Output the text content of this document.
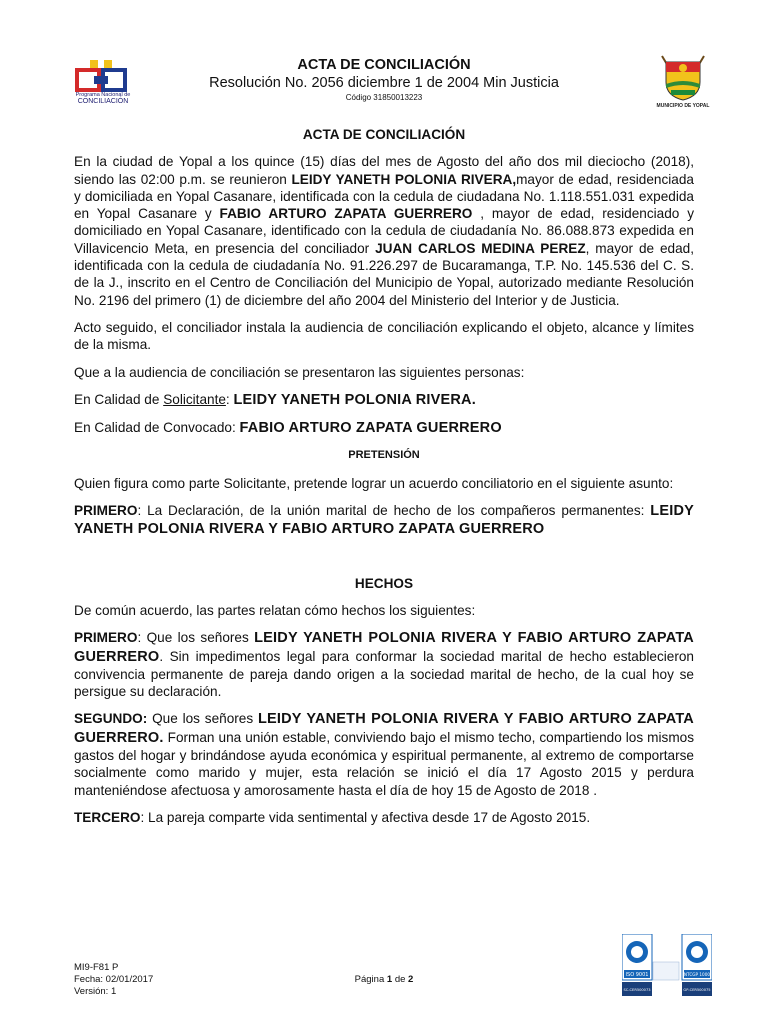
Programa Nacional de
CONCILIACIÓN
ACTA DE CONCILIACIÓN
Resolución No. 2056 diciembre 1 de 2004 Min Justicia
Código 31850013223
MUNICIPIO DE YOPAL

ACTA DE CONCILIACIÓN

En la ciudad de Yopal a los quince (15) días del mes de Agosto del año dos mil dieciocho (2018), siendo las 02:00 p.m. se reunieron LEIDY YANETH POLONIA RIVERA,mayor de edad, residenciada y domiciliada en Yopal Casanare, identificada con la cedula de ciudadana No. 1.118.551.031 expedida en Yopal Casanare y FABIO ARTURO ZAPATA GUERRERO , mayor de edad, residenciado y domiciliado en Yopal Casanare, identificado con la cedula de ciudadanía No. 86.088.873 expedida en Villavicencio Meta, en presencia del conciliador JUAN CARLOS MEDINA PEREZ, mayor de edad, identificada con la cedula de ciudadanía No. 91.226.297 de Bucaramanga, T.P. No. 145.536 del C. S. de la J., inscrito en el Centro de Conciliación del Municipio de Yopal, autorizado mediante Resolución No. 2196 del primero (1) de diciembre del año 2004 del Ministerio del Interior y de Justicia.

Acto seguido, el conciliador instala la audiencia de conciliación explicando el objeto, alcance y límites de la misma.

Que a la audiencia de conciliación se presentaron las siguientes personas:

En Calidad de Solicitante: LEIDY YANETH POLONIA RIVERA.

En Calidad de Convocado: FABIO ARTURO ZAPATA GUERRERO

PRETENSIÓN

Quien figura como parte Solicitante, pretende lograr un acuerdo conciliatorio en el siguiente asunto:

PRIMERO: La Declaración, de la unión marital de hecho de los compañeros permanentes: LEIDY YANETH POLONIA RIVERA Y FABIO ARTURO ZAPATA GUERRERO

HECHOS

De común acuerdo, las partes relatan cómo hechos los siguientes:

PRIMERO: Que los señores LEIDY YANETH POLONIA RIVERA Y FABIO ARTURO ZAPATA GUERRERO. Sin impedimentos legal para conformar la sociedad marital de hecho establecieron convivencia permanente de pareja dando origen a la sociedad marital de hecho, de la cual hoy se persigue su declaración.

SEGUNDO: Que los señores LEIDY YANETH POLONIA RIVERA Y FABIO ARTURO ZAPATA GUERRERO. Forman una unión estable, conviviendo bajo el mismo techo, compartiendo los mismos gastos del hogar y brindándose ayuda económica y espiritual permanente, al extremo de comportarse socialmente como marido y mujer, esta relación se inició el día 17 Agosto 2015 y perdura manteniéndose afectuosa y amorosamente hasta el día de hoy 15 de Agosto de 2018 .

TERCERO: La pareja comparte vida sentimental y afectiva desde 17 de Agosto 2015.

MI9-F81 P
Fecha: 02/01/2017
Versión: 1
Página 1 de 2	ISO 9001	NTCGP 1000
SC-CER500073	GP-CER500075
